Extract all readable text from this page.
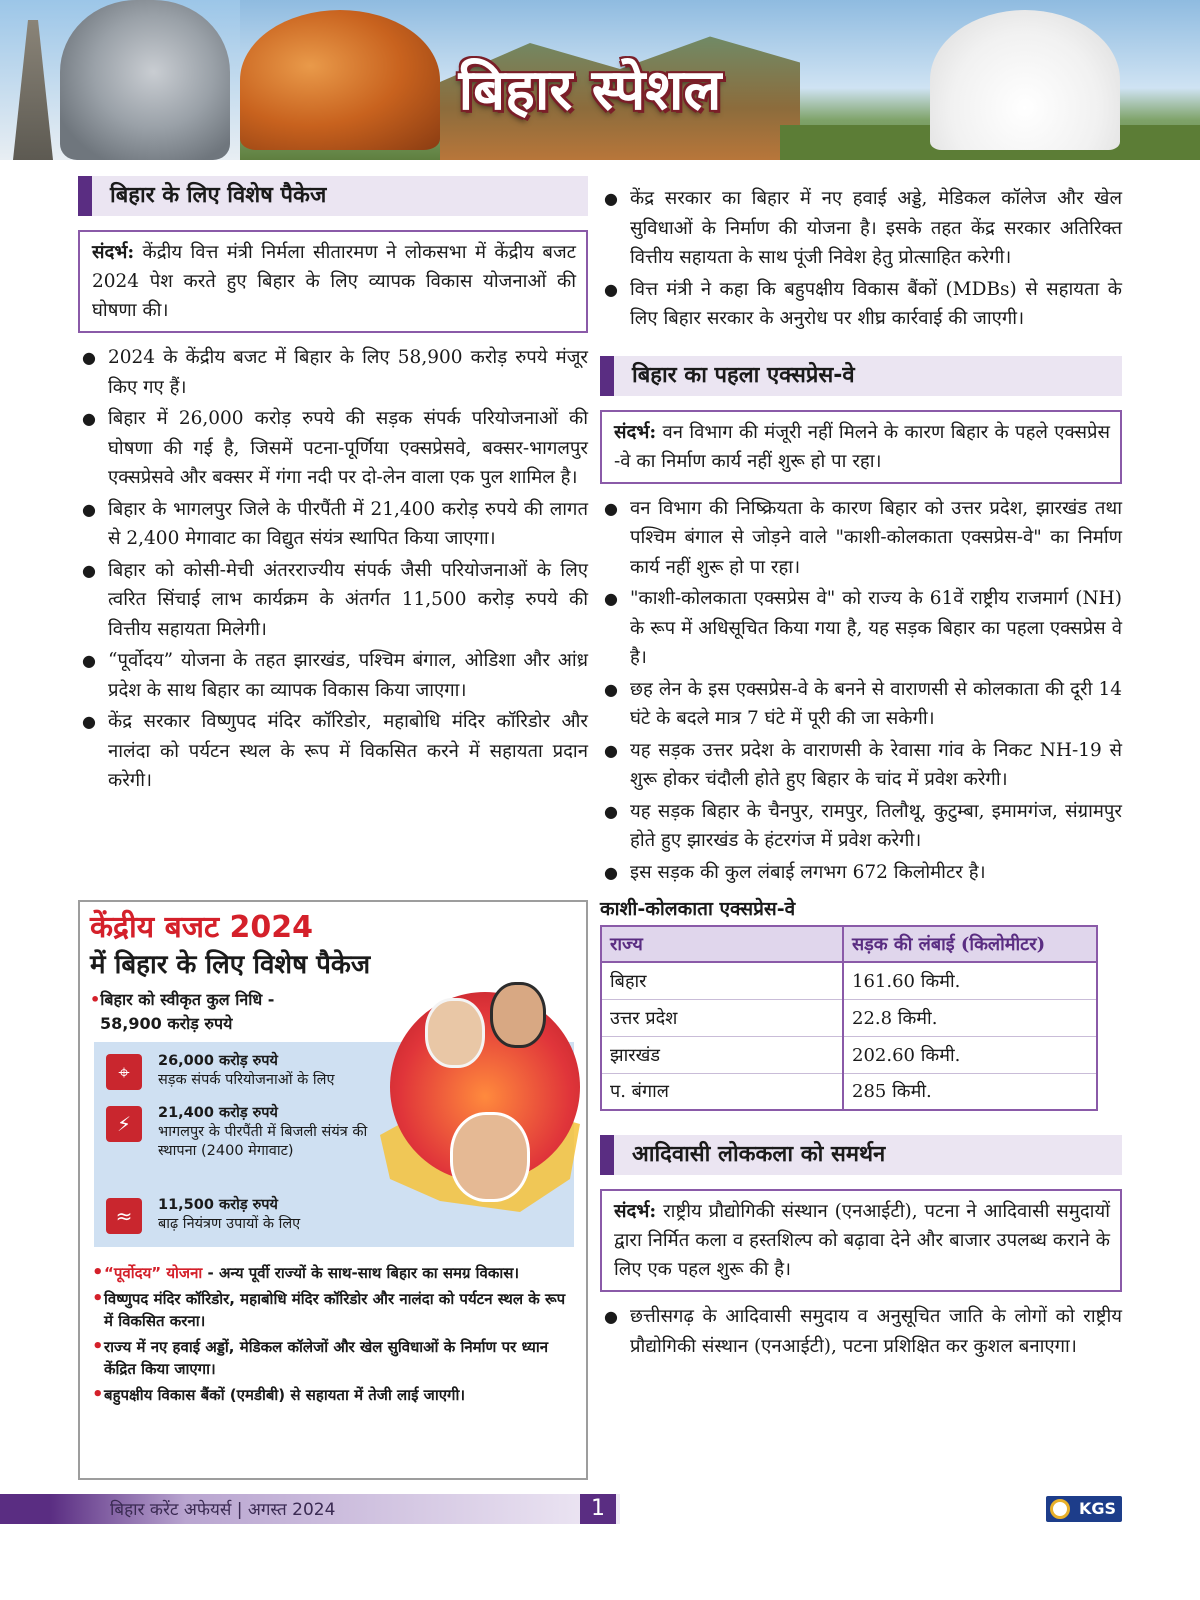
बिहार स्पेशल
बिहार के लिए विशेष पैकेज
संदर्भ: केंद्रीय वित्त मंत्री निर्मला सीतारमण ने लोकसभा में केंद्रीय बजट 2024 पेश करते हुए बिहार के लिए व्यापक विकास योजनाओं की घोषणा की।
● 2024 के केंद्रीय बजट में बिहार के लिए 58,900 करोड़ रुपये मंजूर किए गए हैं।
● बिहार में 26,000 करोड़ रुपये की सड़क संपर्क परियोजनाओं की घोषणा की गई है, जिसमें पटना-पूर्णिया एक्सप्रेसवे, बक्सर-भागलपुर एक्सप्रेसवे और बक्सर में गंगा नदी पर दो-लेन वाला एक पुल शामिल है।
● बिहार के भागलपुर जिले के पीरपैंती में 21,400 करोड़ रुपये की लागत से 2,400 मेगावाट का विद्युत संयंत्र स्थापित किया जाएगा।
● बिहार को कोसी-मेची अंतरराज्यीय संपर्क जैसी परियोजनाओं के लिए त्वरित सिंचाई लाभ कार्यक्रम के अंतर्गत 11,500 करोड़ रुपये की वित्तीय सहायता मिलेगी।
● “पूर्वोदय” योजना के तहत झारखंड, पश्चिम बंगाल, ओडिशा और आंध्र प्रदेश के साथ बिहार का व्यापक विकास किया जाएगा।
● केंद्र सरकार विष्णुपद मंदिर कॉरिडोर, महाबोधि मंदिर कॉरिडोर और नालंदा को पर्यटन स्थल के रूप में विकसित करने में सहायता प्रदान करेगी।
केंद्रीय बजट 2024
में बिहार के लिए विशेष पैकेज
•बिहार को स्वीकृत कुल निधि -
58,900 करोड़ रुपये
⌖	26,000 करोड़ रुपये
सड़क संपर्क परियोजनाओं के लिए
⚡	21,400 करोड़ रुपये
भागलपुर के पीरपैंती में बिजली संयंत्र की स्थापना (2400 मेगावाट)
≈	11,500 करोड़ रुपये
बाढ़ नियंत्रण उपायों के लिए
• “पूर्वोदय” योजना - अन्य पूर्वी राज्यों के साथ-साथ बिहार का समग्र विकास।
• विष्णुपद मंदिर कॉरिडोर, महाबोधि मंदिर कॉरिडोर और नालंदा को पर्यटन स्थल के रूप में विकसित करना।
• राज्य में नए हवाई अड्डों, मेडिकल कॉलेजों और खेल सुविधाओं के निर्माण पर ध्यान केंद्रित किया जाएगा।
• बहुपक्षीय विकास बैंकों (एमडीबी) से सहायता में तेजी लाई जाएगी।
● केंद्र सरकार का बिहार में नए हवाई अड्डे, मेडिकल कॉलेज और खेल सुविधाओं के निर्माण की योजना है। इसके तहत केंद्र सरकार अतिरिक्त वित्तीय सहायता के साथ पूंजी निवेश हेतु प्रोत्साहित करेगी।
● वित्त मंत्री ने कहा कि बहुपक्षीय विकास बैंकों (MDBs) से सहायता के लिए बिहार सरकार के अनुरोध पर शीघ्र कार्रवाई की जाएगी।
बिहार का पहला एक्सप्रेस-वे
संदर्भ: वन विभाग की मंजूरी नहीं मिलने के कारण बिहार के पहले एक्सप्रेस -वे का निर्माण कार्य नहीं शुरू हो पा रहा।
● वन विभाग की निष्क्रियता के कारण बिहार को उत्तर प्रदेश, झारखंड तथा पश्चिम बंगाल से जोड़ने वाले "काशी-कोलकाता एक्सप्रेस-वे" का निर्माण कार्य नहीं शुरू हो पा रहा।
● "काशी-कोलकाता एक्सप्रेस वे" को राज्य के 61वें राष्ट्रीय राजमार्ग (NH) के रूप में अधिसूचित किया गया है, यह सड़क बिहार का पहला एक्सप्रेस वे है।
● छह लेन के इस एक्सप्रेस-वे के बनने से वाराणसी से कोलकाता की दूरी 14 घंटे के बदले मात्र 7 घंटे में पूरी की जा सकेगी।
● यह सड़क उत्तर प्रदेश के वाराणसी के रेवासा गांव के निकट NH-19 से शुरू होकर चंदौली होते हुए बिहार के चांद में प्रवेश करेगी।
● यह सड़क बिहार के चैनपुर, रामपुर, तिलौथू, कुटुम्बा, इमामगंज, संग्रामपुर होते हुए झारखंड के हंटरगंज में प्रवेश करेगी।
● इस सड़क की कुल लंबाई लगभग 672 किलोमीटर है।
काशी-कोलकाता एक्सप्रेस-वे
राज्य	सड़क की लंबाई (किलोमीटर)
बिहार	161.60 किमी.
उत्तर प्रदेश	22.8 किमी.
झारखंड	202.60 किमी.
प. बंगाल	285 किमी.
आदिवासी लोककला को समर्थन
संदर्भ: राष्ट्रीय प्रौद्योगिकी संस्थान (एनआईटी), पटना ने आदिवासी समुदायों द्वारा निर्मित कला व हस्तशिल्प को बढ़ावा देने और बाजार उपलब्ध कराने के लिए एक पहल शुरू की है।
● छत्तीसगढ़ के आदिवासी समुदाय व अनुसूचित जाति के लोगों को राष्ट्रीय प्रौद्योगिकी संस्थान (एनआईटी), पटना प्रशिक्षित कर कुशल बनाएगा।
बिहार करेंट अफेयर्स | अगस्त 2024	1	KGS
